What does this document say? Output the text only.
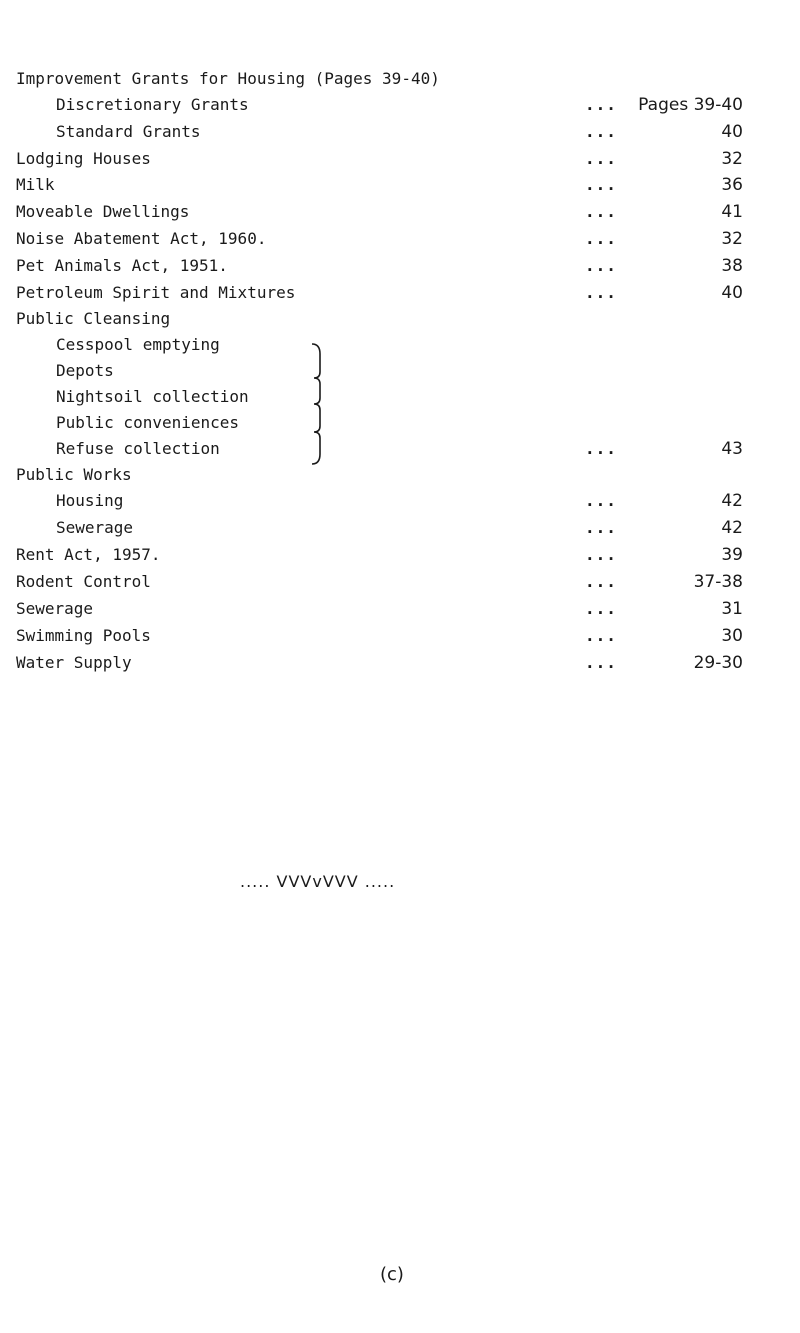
Improvement Grants for Housing (Pages 39-40)
Discretionary Grants	... Pages 39-40
Standard Grants	...	40
Lodging Houses	...	32
Milk	...	36
Moveable Dwellings	...	41
Noise Abatement Act, 1960.	...	32
Pet Animals Act, 1951.	...	38
Petroleum Spirit and Mixtures	...	40
Public Cleansing
Cesspool emptying
Depots
Nightsoil collection
Public conveniences
Refuse collection	...	43
Public Works
Housing	...	42
Sewerage	...	42
Rent Act, 1957.	...	39
Rodent Control	...	37-38
Sewerage	...	31
Swimming Pools	...	30
Water Supply	...	29-30
..... VVVvVVV .....
(c)
